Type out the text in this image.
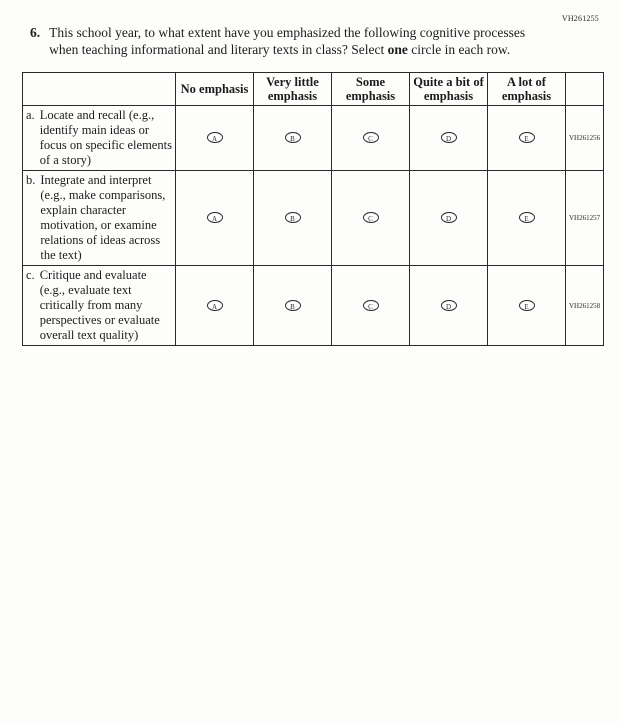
VH261255
6. This school year, to what extent have you emphasized the following cognitive processes when teaching informational and literary texts in class? Select one circle in each row.
	No emphasis	Very little emphasis	Some emphasis	Quite a bit of emphasis	A lot of emphasis	

a. Locate and recall (e.g., identify main ideas or focus on specific elements of a story)	A	B	C	D	E	VH261256

b. Integrate and interpret (e.g., make comparisons, explain character motivation, or examine relations of ideas across the text)	A	B	C	D	E	VH261257

c. Critique and evaluate (e.g., evaluate text critically from many perspectives or evaluate overall text quality)	A	B	C	D	E	VH261258
